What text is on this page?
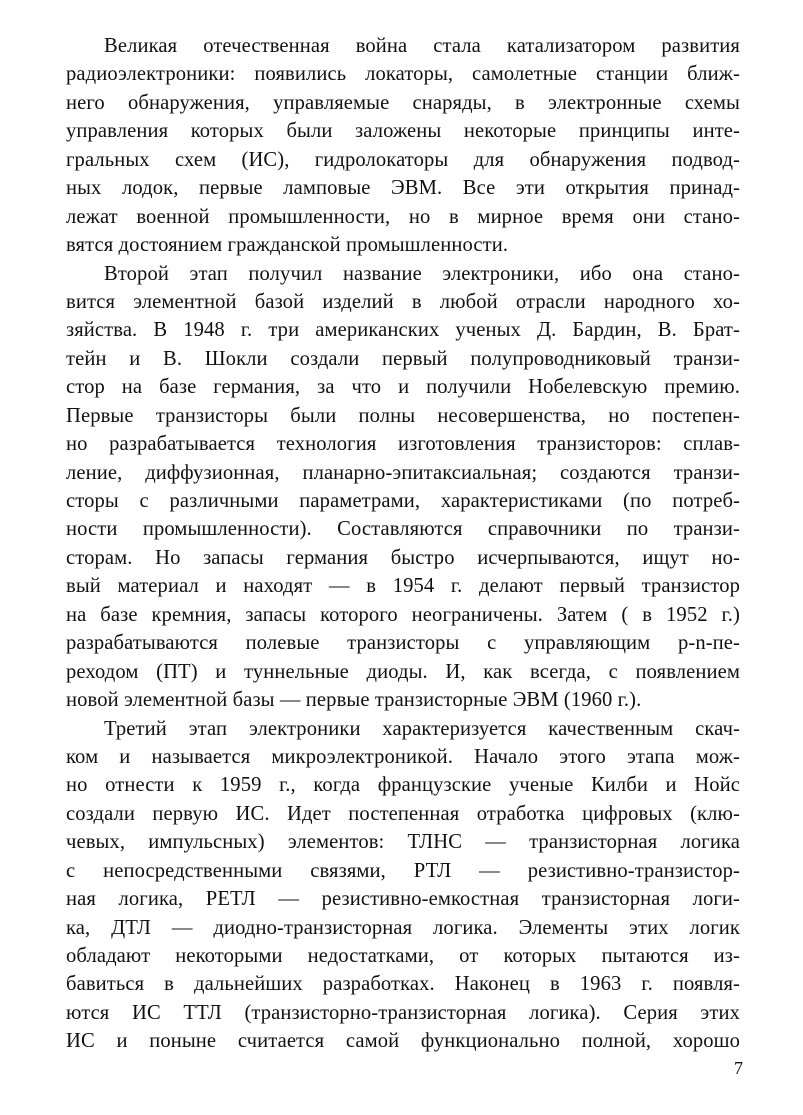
Великая отечественная война стала катализатором развития
радиоэлектроники: появились локаторы, самолетные станции ближ-
него обнаружения, управляемые снаряды, в электронные схемы
управления которых были заложены некоторые принципы инте-
гральных схем (ИС), гидролокаторы для обнаружения подвод-
ных лодок, первые ламповые ЭВМ. Все эти открытия принад-
лежат военной промышленности, но в мирное время они стано-
вятся достоянием гражданской промышленности.
Второй этап получил название электроники, ибо она стано-
вится элементной базой изделий в любой отрасли народного хо-
зяйства. В 1948 г. три американских ученых Д. Бардин, В. Брат-
тейн и В. Шокли создали первый полупроводниковый транзи-
стор на базе германия, за что и получили Нобелевскую премию.
Первые транзисторы были полны несовершенства, но постепен-
но разрабатывается технология изготовления транзисторов: сплав-
ление, диффузионная, планарно-эпитаксиальная; создаются транзи-
сторы с различными параметрами, характеристиками (по потреб-
ности промышленности). Составляются справочники по транзи-
сторам. Но запасы германия быстро исчерпываются, ищут но-
вый материал и находят — в 1954 г. делают первый транзистор
на базе кремния, запасы которого неограничены. Затем ( в 1952 г.)
разрабатываются полевые транзисторы с управляющим p-n-пе-
реходом (ПТ) и туннельные диоды. И, как всегда, с появлением
новой элементной базы — первые транзисторные ЭВМ (1960 г.).
Третий этап электроники характеризуется качественным скач-
ком и называется микроэлектроникой. Начало этого этапа мож-
но отнести к 1959 г., когда французские ученые Килби и Нойс
создали первую ИС. Идет постепенная отработка цифровых (клю-
чевых, импульсных) элементов: ТЛНС — транзисторная логика
с непосредственными связями, РТЛ — резистивно-транзистор-
ная логика, РЕТЛ — резистивно-емкостная транзисторная логи-
ка, ДТЛ — диодно-транзисторная логика. Элементы этих логик
обладают некоторыми недостатками, от которых пытаются из-
бавиться в дальнейших разработках. Наконец в 1963 г. появля-
ются ИС ТТЛ (транзисторно-транзисторная логика). Серия этих
ИС и поныне считается самой функционально полной, хорошо
7
